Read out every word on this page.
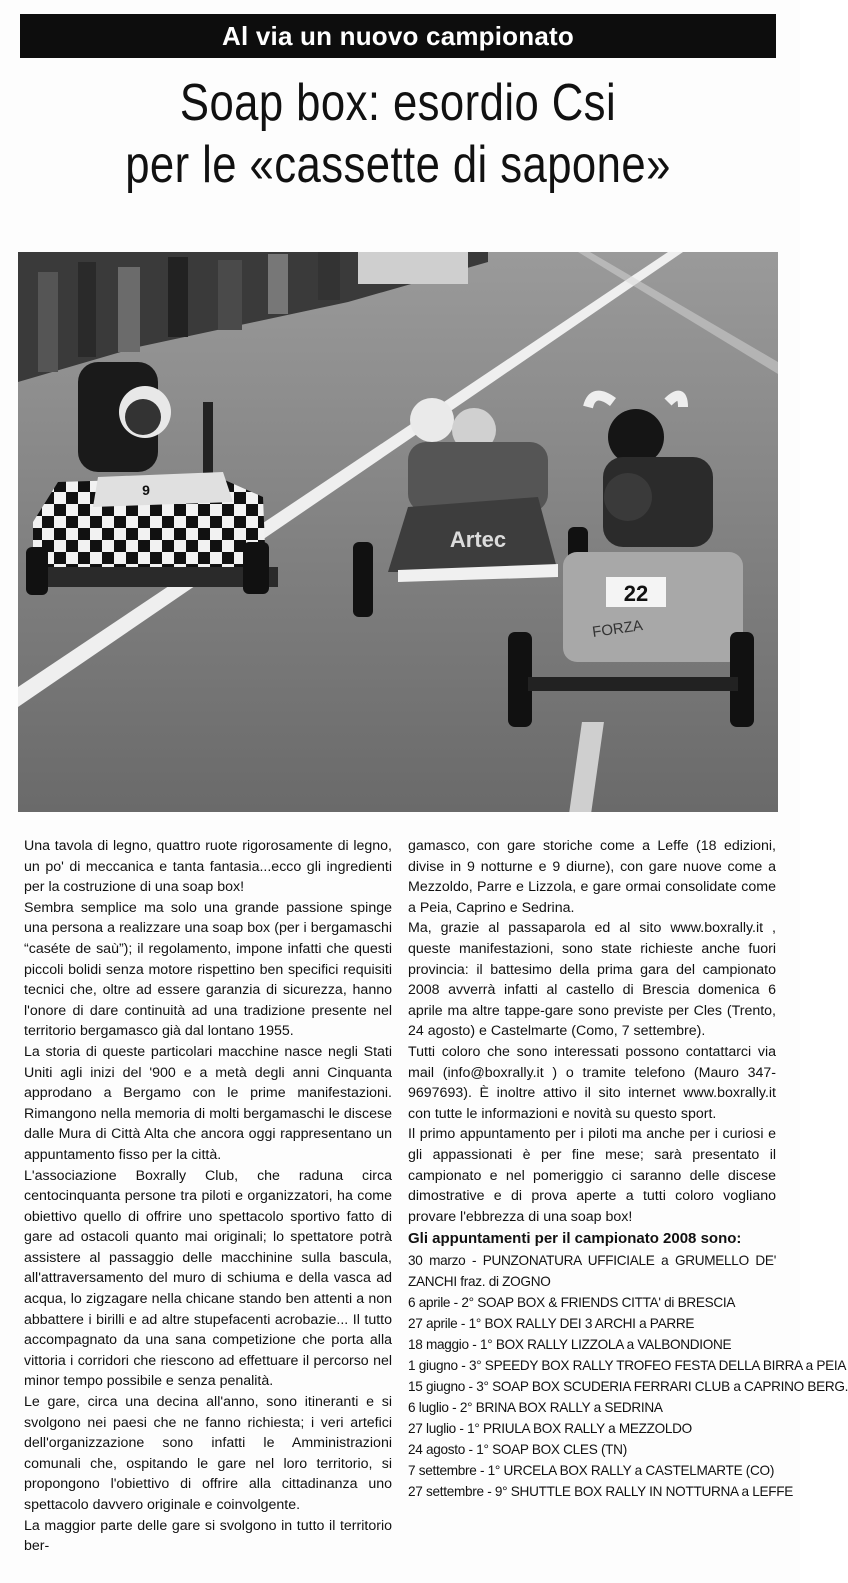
Al via un nuovo campionato
Soap box: esordio Csi
per le «cassette di sapone»
9
Artec
22
FORZA

Una tavola di legno, quattro ruote rigorosamente di legno, un po' di meccanica e tanta fantasia...ecco gli ingredienti per la costruzione di una soap box!

Sembra semplice ma solo una grande passione spinge una persona a realizzare una soap box (per i bergamaschi “caséte de saù”); il regolamento, impone infatti che questi piccoli bolidi senza motore rispettino ben specifici requisiti tecnici che, oltre ad essere garanzia di sicurezza, hanno l'onore di dare continuità ad una tradizione presente nel territorio bergamasco già dal lontano 1955.

La storia di queste particolari macchine nasce negli Stati Uniti agli inizi del '900 e a metà degli anni Cinquanta approdano a Bergamo con le prime manifestazioni. Rimangono nella memoria di molti bergamaschi le discese dalle Mura di Città Alta che ancora oggi rappresentano un appuntamento fisso per la città.

L'associazione Boxrally Club, che raduna circa centocinquanta persone tra piloti e organizzatori, ha come obiettivo quello di offrire uno spettacolo sportivo fatto di gare ad ostacoli quanto mai originali; lo spettatore potrà assistere al passaggio delle macchinine sulla bascula, all'attraversamento del muro di schiuma e della vasca ad acqua, lo zigzagare nella chicane stando ben attenti a non abbattere i birilli e ad altre stupefacenti acrobazie... Il tutto accompagnato da una sana competizione che porta alla vittoria i corridori che riescono ad effettuare il percorso nel minor tempo possibile e senza penalità.

Le gare, circa una decina all'anno, sono itineranti e si svolgono nei paesi che ne fanno richiesta; i veri artefici dell'organizzazione sono infatti le Amministrazioni comunali che, ospitando le gare nel loro territorio, si propongono l'obiettivo di offrire alla cittadinanza uno spettacolo davvero originale e coinvolgente.

La maggior parte delle gare si svolgono in tutto il territorio ber-

gamasco, con gare storiche come a Leffe (18 edizioni, divise in 9 notturne e 9 diurne), con gare nuove come a Mezzoldo, Parre e Lizzola, e gare ormai consolidate come a Peia, Caprino e Sedrina.

Ma, grazie al passaparola ed al sito www.boxrally.it , queste manifestazioni, sono state richieste anche fuori provincia: il battesimo della prima gara del campionato 2008 avverrà infatti al castello di Brescia domenica 6 aprile ma altre tappe-gare sono previste per Cles (Trento, 24 agosto) e Castelmarte (Como, 7 settembre).

Tutti coloro che sono interessati possono contattarci via mail (info@boxrally.it ) o tramite telefono (Mauro 347-9697693). È inoltre attivo il sito internet www.boxrally.it con tutte le informazioni e novità su questo sport.

Il primo appuntamento per i piloti ma anche per i curiosi e gli appassionati è per fine mese; sarà presentato il campionato e nel pomeriggio ci saranno delle discese dimostrative e di prova aperte a tutti coloro vogliano provare l'ebbrezza di una soap box!

Gli appuntamenti per il campionato 2008 sono:
30 marzo - PUNZONATURA UFFICIALE a GRUMELLO DE' ZANCHI fraz. di ZOGNO
6 aprile - 2° SOAP BOX & FRIENDS CITTA' di BRESCIA
27 aprile - 1° BOX RALLY DEI 3 ARCHI a PARRE
18 maggio - 1° BOX RALLY LIZZOLA a VALBONDIONE
1 giugno - 3° SPEEDY BOX RALLY TROFEO FESTA DELLA BIRRA a PEIA
15 giugno - 3° SOAP BOX SCUDERIA FERRARI CLUB a CAPRINO BERG.
6 luglio - 2° BRINA BOX RALLY a SEDRINA
27 luglio - 1° PRIULA BOX RALLY a MEZZOLDO
24 agosto - 1° SOAP BOX CLES (TN)
7 settembre - 1° URCELA BOX RALLY a CASTELMARTE (CO)
27 settembre - 9° SHUTTLE BOX RALLY IN NOTTURNA a LEFFE
